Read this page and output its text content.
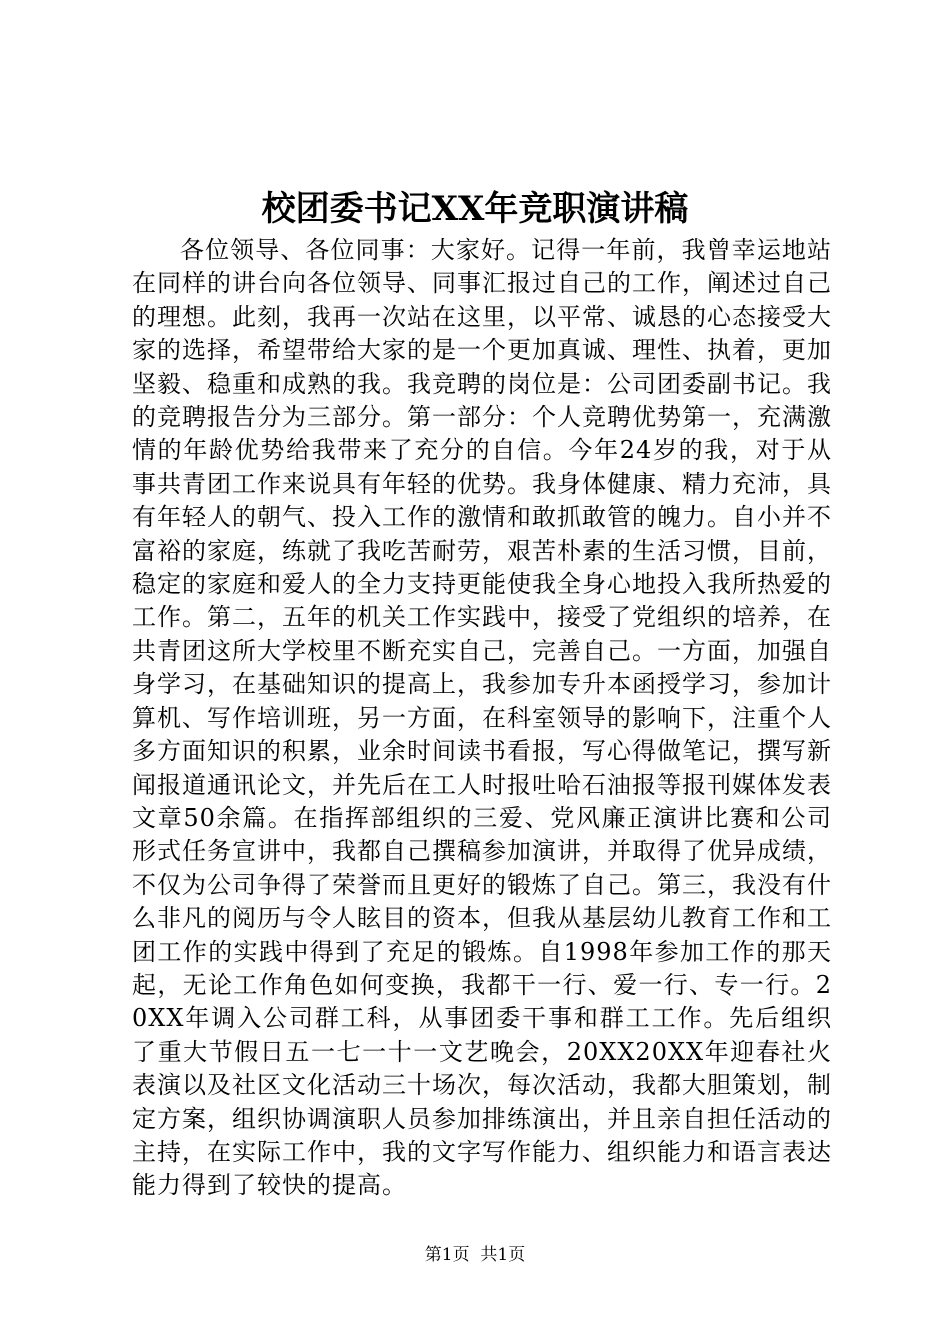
校团委书记XX年竞职演讲稿
各位领导、各位同事：大家好。记得一年前，我曾幸运地站在同样的讲台向各位领导、同事汇报过自己的工作，阐述过自己的理想。此刻，我再一次站在这里，以平常、诚恳的心态接受大家的选择，希望带给大家的是一个更加真诚、理性、执着，更加坚毅、稳重和成熟的我。我竞聘的岗位是：公司团委副书记。我的竞聘报告分为三部分。第一部分：个人竞聘优势第一，充满激情的年龄优势给我带来了充分的自信。今年24岁的我，对于从事共青团工作来说具有年轻的优势。我身体健康、精力充沛，具有年轻人的朝气、投入工作的激情和敢抓敢管的魄力。自小并不富裕的家庭，练就了我吃苦耐劳，艰苦朴素的生活习惯，目前，稳定的家庭和爱人的全力支持更能使我全身心地投入我所热爱的工作。第二，五年的机关工作实践中，接受了党组织的培养，在共青团这所大学校里不断充实自己，完善自己。一方面，加强自身学习，在基础知识的提高上，我参加专升本函授学习，参加计算机、写作培训班，另一方面，在科室领导的影响下，注重个人多方面知识的积累，业余时间读书看报，写心得做笔记，撰写新闻报道通讯论文，并先后在工人时报吐哈石油报等报刊媒体发表文章50余篇。在指挥部组织的三爱、党风廉正演讲比赛和公司形式任务宣讲中，我都自己撰稿参加演讲，并取得了优异成绩，不仅为公司争得了荣誉而且更好的锻炼了自己。第三，我没有什么非凡的阅历与令人眩目的资本，但我从基层幼儿教育工作和工团工作的实践中得到了充足的锻炼。自1998年参加工作的那天起，无论工作角色如何变换，我都干一行、爱一行、专一行。20XX年调入公司群工科，从事团委干事和群工工作。先后组织了重大节假日五一七一十一文艺晚会，20XX20XX年迎春社火表演以及社区文化活动三十场次，每次活动，我都大胆策划，制定方案，组织协调演职人员参加排练演出，并且亲自担任活动的主持，在实际工作中，我的文字写作能力、组织能力和语言表达能力得到了较快的提高。
第1页  共1页
